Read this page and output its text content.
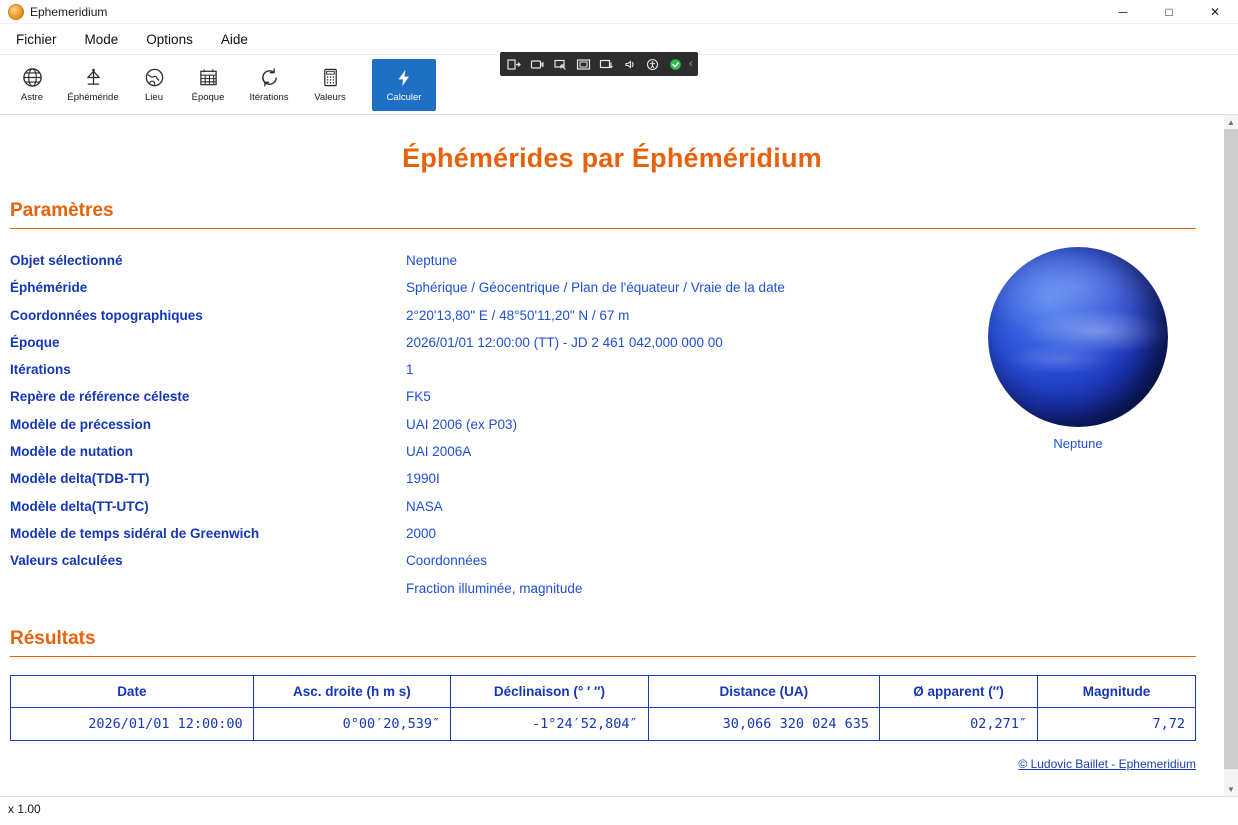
Ephemeridium	─	□	✕
Fichier	Mode	Options	Aide
‹
Astre	Éphéméride	Lieu	Époque	Itérations	Valeurs	Calculer
Éphémérides par Éphéméridium
Paramètres
Objet sélectionné	Neptune
Éphéméride	Sphérique / Géocentrique / Plan de l'équateur / Vraie de la date
Coordonnées topographiques	2°20'13,80" E / 48°50'11,20" N / 67 m
Époque	2026/01/01 12:00:00 (TT) - JD 2 461 042,000 000 00
Itérations	1
Repère de référence céleste	FK5
Modèle de précession	UAI 2006 (ex P03)
Modèle de nutation	UAI 2006A
Modèle delta(TDB-TT)	1990I
Modèle delta(TT-UTC)	NASA
Modèle de temps sidéral de Greenwich	2000
Valeurs calculées	Coordonnées
Fraction illuminée, magnitude
Neptune
Résultats
Date	Asc. droite (h m s)	Déclinaison (° ′ ″)	Distance (UA)	Ø apparent (″)	Magnitude
2026/01/01 12:00:00	0°00′20,539″	-1°24′52,804″	30,066 320 024 635	02,271″	7,72
© Ludovic Baillet - Ephemeridium
▲
▼
x 1.00
